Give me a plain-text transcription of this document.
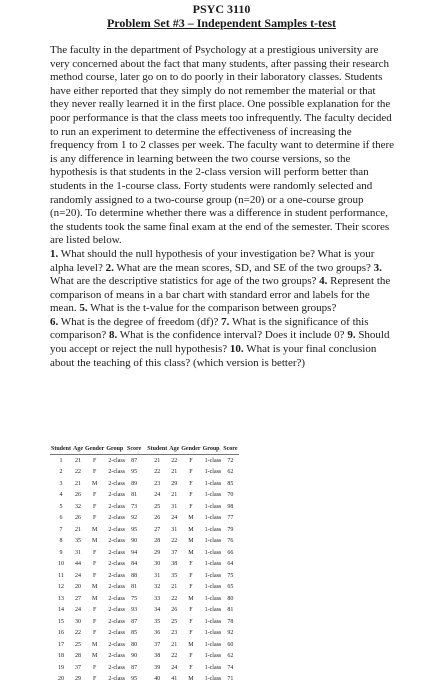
PSYC 3110
Problem Set #3 – Independent Samples t-test

The faculty in the department of Psychology at a prestigious university are very concerned about the fact that many students, after passing their research method course, later go on to do poorly in their laboratory classes. Students have either reported that they simply do not remember the material or that they never really learned it in the first place. One possible explanation for the poor performance is that the class meets too infrequently. The faculty decided to run an experiment to determine the effectiveness of increasing the frequency from 1 to 2 classes per week. The faculty want to determine if there is any difference in learning between the two course versions, so the hypothesis is that students in the 2-class version will perform better than students in the 1-course class. Forty students were randomly selected and randomly assigned to a two-course group (n=20) or a one-course group (n=20). To determine whether there was a difference in student performance, the students took the same final exam at the end of the semester. Their scores are listed below.

1. What should the null hypothesis of your investigation be? What is your alpha level? 2. What are the mean scores, SD, and SE of the two groups? 3. What are the descriptive statistics for age of the two groups? 4. Represent the comparison of means in a bar chart with standard error and labels for the mean. 5. What is the t-value for the comparison between groups?
6. What is the degree of freedom (df)? 7. What is the significance of this comparison? 8. What is the confidence interval? Does it include 0? 9. Should you accept or reject the null hypothesis? 10. What is your final conclusion about the teaching of this class? (which version is better?)

Student	Age	Gender	Group	Score		Student	Age	Gender	Group	Score
1	21	F	2-class	87		21	22	F	1-class	72
2	22	F	2-class	95		22	21	F	1-class	62
3	21	M	2-class	89		23	29	F	1-class	85
4	26	F	2-class	81		24	21	F	1-class	70
5	32	F	2-class	73		25	31	F	1-class	98
6	26	F	2-class	92		26	24	M	1-class	77
7	21	M	2-class	95		27	31	M	1-class	79
8	35	M	2-class	90		28	22	M	1-class	76
9	31	F	2-class	94		29	37	M	1-class	66
10	44	F	2-class	84		30	38	F	1-class	64
11	24	F	2-class	88		31	35	F	1-class	75
12	20	M	2-class	81		32	21	F	1-class	65
13	27	M	2-class	75		33	22	M	1-class	80
14	24	F	2-class	93		34	26	F	1-class	81
15	30	F	2-class	87		35	25	F	1-class	78
16	22	F	2-class	85		36	23	F	1-class	92
17	25	M	2-class	80		37	21	M	1-class	60
18	28	M	2-class	90		38	22	F	1-class	62
19	37	F	2-class	87		39	24	F	1-class	74
20	29	F	2-class	95		40	41	M	1-class	71
